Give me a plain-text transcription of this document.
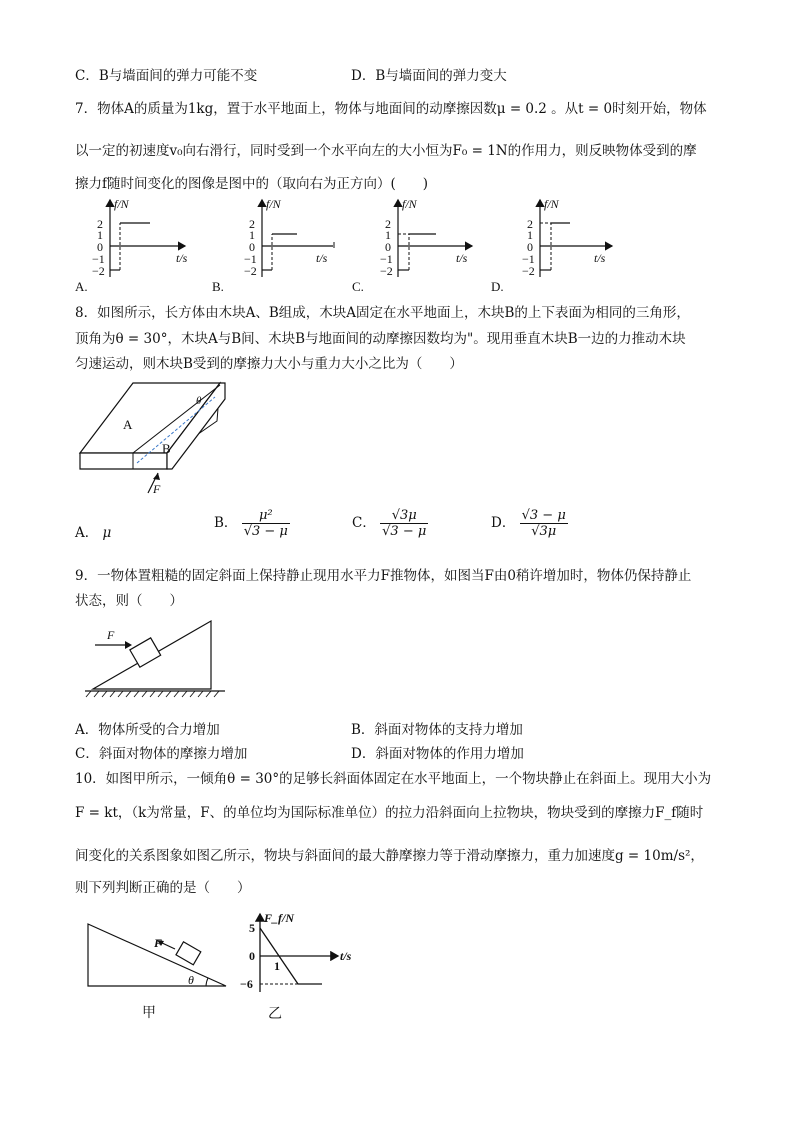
C．B与墙面间的弹力可能不变	D．B与墙面间的弹力变大
7．物体A的质量为1kg，置于水平地面上，物体与地面间的动摩擦因数μ = 0.2 。从t = 0时刻开始，物体
以一定的初速度v₀向右滑行，同时受到一个水平向左的大小恒为F₀ = 1N的作用力，则反映物体受到的摩
擦力f随时间变化的图像是图中的（取向右为正方向）(　　)
f/N
t/s
2
1
0
−1
−2
A.
f/N
t/s
2
1
0
−1
−2
B.
f/N
t/s
2
1
0
−1
−2
C.
f/N
t/s
2
1
0
−1
−2
D.
8．如图所示，长方体由木块A、B组成，木块A固定在水平地面上，木块B的上下表面为相同的三角形，
顶角为θ = 30°，木块A与B间、木块B与地面间的动摩擦因数均为"。现用垂直木块B一边的力推动木块
匀速运动，则木块B受到的摩擦力大小与重力大小之比为（　　）
A
B
θ
F
A． μ
B． $\frac{\text{μ²}}{√3 - \mu}$	C． $\frac{√3\mu}{√3 - \mu}$	D． $\frac{√3 - \mu}{√3\mu}$
9．一物体置粗糙的固定斜面上保持静止现用水平力F推物体，如图当F由0稍许增加时，物体仍保持静止
状态，则（　　）
F
A．物体所受的合力增加	B．斜面对物体的支持力增加
C．斜面对物体的摩擦力增加	D．斜面对物体的作用力增加
10．如图甲所示，一倾角θ = 30°的足够长斜面体固定在水平地面上，一个物块静止在斜面上。现用大小为
F = kt，（k为常量，F、的单位均为国际标准单位）的拉力沿斜面向上拉物块，物块受到的摩擦力F_f随时
间变化的关系图象如图乙所示，物块与斜面间的最大静摩擦力等于滑动摩擦力，重力加速度g = 10m/s²，
则下列判断正确的是（　　）
F
θ
甲
F_f/N
t/s
5
0
−6
1
乙
